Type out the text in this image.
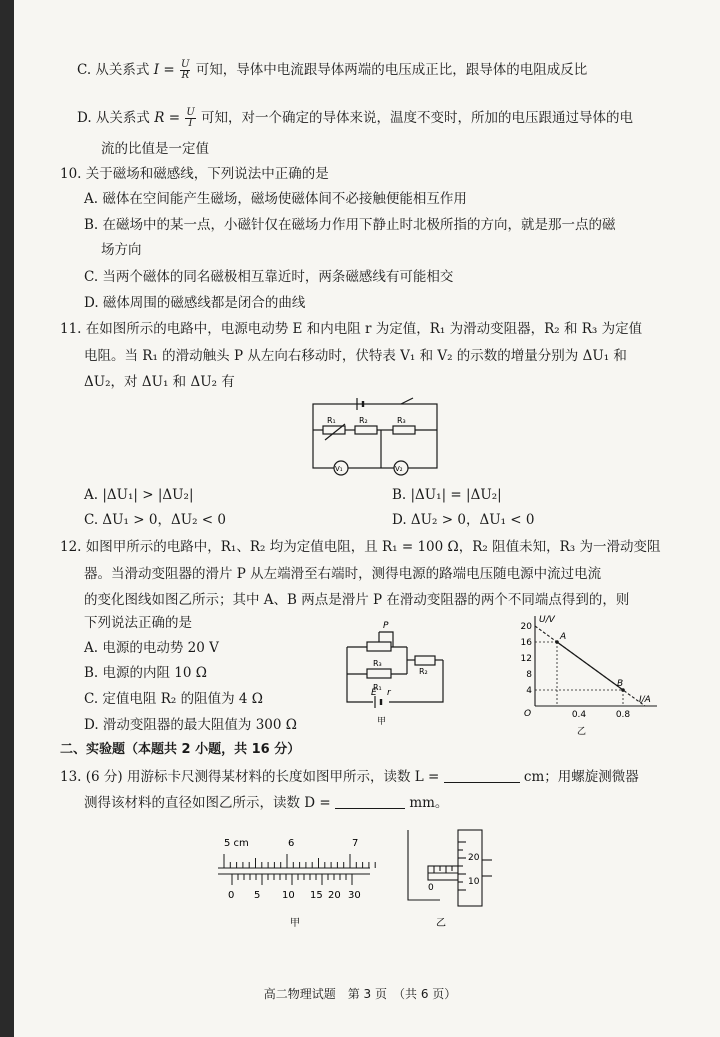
C. 从关系式 $I = \frac{U}{R}$ 可知，导体中电流跟导体两端的电压成正比，跟导体的电阻成反比
D. 从关系式 $R = \frac{U}{I}$ 可知，对一个确定的导体来说，温度不变时，所加的电压跟通过导体的电
流的比值是一定值
10. 关于磁场和磁感线，下列说法中正确的是
A. 磁体在空间能产生磁场，磁场使磁体间不必接触便能相互作用
B. 在磁场中的某一点，小磁针仅在磁场力作用下静止时北极所指的方向，就是那一点的磁
场方向
C. 当两个磁体的同名磁极相互靠近时，两条磁感线有可能相交
D. 磁体周围的磁感线都是闭合的曲线
11. 在如图所示的电路中，电源电动势 E 和内电阻 r 为定值，R₁ 为滑动变阻器，R₂ 和 R₃ 为定值
电阻。当 R₁ 的滑动触头 P 从左向右移动时，伏特表 V₁ 和 V₂ 的示数的增量分别为 ΔU₁ 和
ΔU₂，对 ΔU₁ 和 ΔU₂ 有
R₁	R₂	R₃
V₁	V₂
A. |ΔU₁| > |ΔU₂|	B. |ΔU₁| = |ΔU₂|
C. ΔU₁ > 0，ΔU₂ < 0	D. ΔU₂ > 0，ΔU₁ < 0
12. 如图甲所示的电路中，R₁、R₂ 均为定值电阻，且 R₁ = 100 Ω，R₂ 阻值未知，R₃ 为一滑动变阻
器。当滑动变阻器的滑片 P 从左端滑至右端时，测得电源的路端电压随电源中流过电流
的变化图线如图乙所示；其中 A、B 两点是滑片 P 在滑动变阻器的两个不同端点得到的，则
下列说法正确的是
A. 电源的电动势 20 V
B. 电源的内阻 10 Ω
C. 定值电阻 R₂ 的阻值为 4 Ω
D. 滑动变阻器的最大阻值为 300 Ω
P
R₃
R₁
R₂
E r
甲
4
8
12
16
20
0.4	0.8
A
B
U/V
I/A
O
乙
二、实验题（本题共 2 小题，共 16 分）
13. (6 分) 用游标卡尺测得某材料的长度如图甲所示，读数 L =	cm；用螺旋测微器
测得该材料的直径如图乙所示，读数 D =	mm。
5 cm	6	7
0 5 10 15 20 30
甲
0
20
10
乙
高二物理试题　第 3 页　（共 6 页）
